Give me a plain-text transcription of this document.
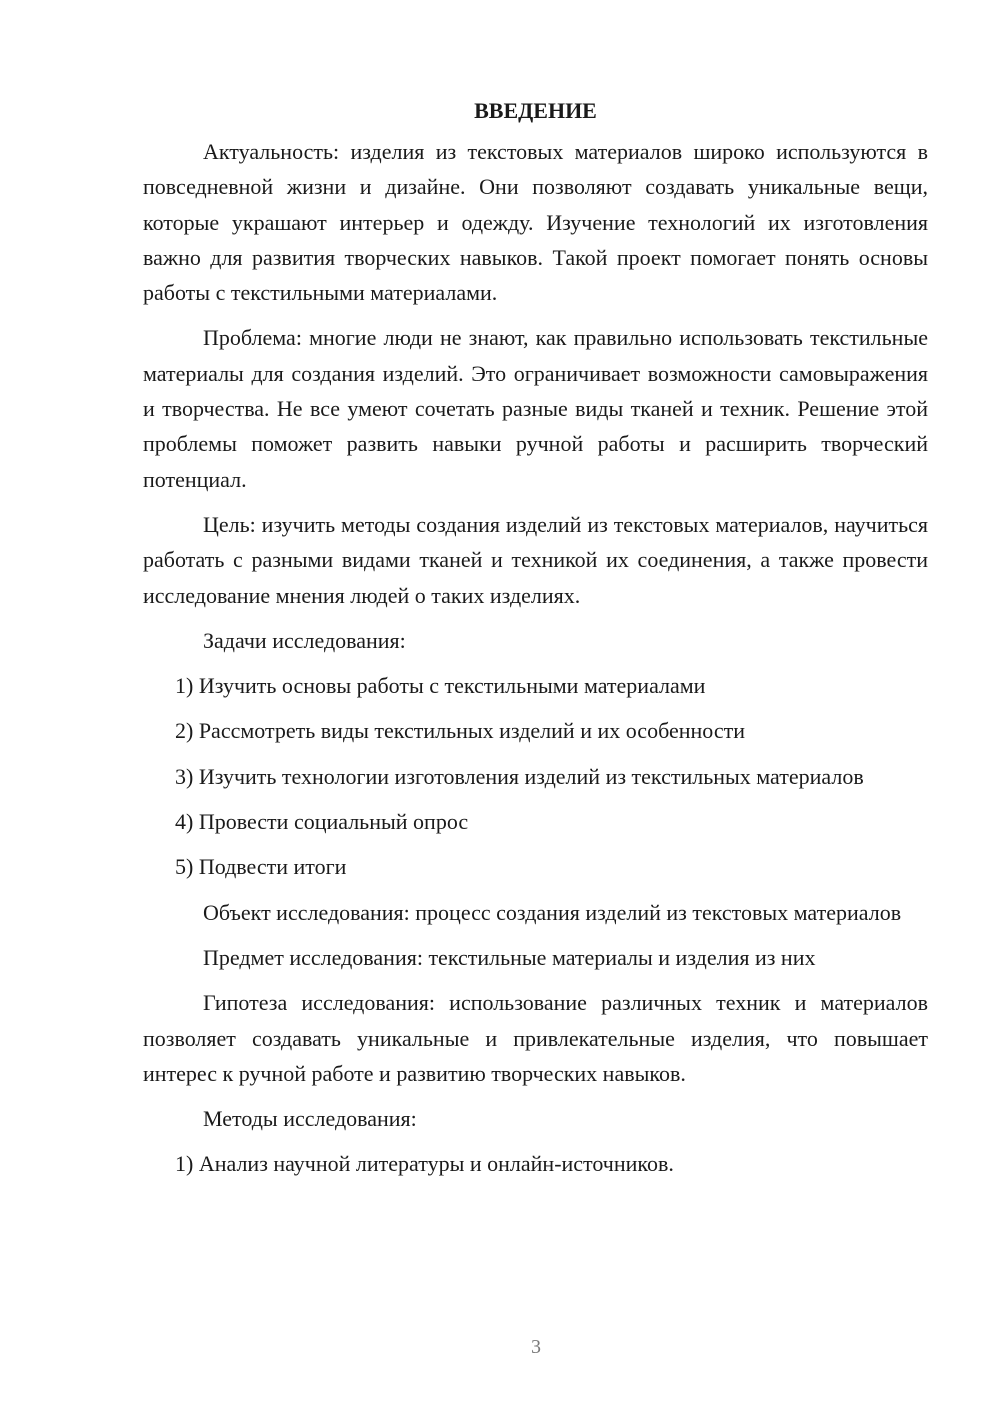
ВВЕДЕНИЕ

Актуальность: изделия из текстовых материалов широко используются в повседневной жизни и дизайне. Они позволяют создавать уникальные вещи, которые украшают интерьер и одежду. Изучение технологий их изготовления важно для развития творческих навыков. Такой проект помогает понять основы работы с текстильными материалами.

Проблема: многие люди не знают, как правильно использовать текстильные материалы для создания изделий. Это ограничивает возможности самовыражения и творчества. Не все умеют сочетать разные виды тканей и техник. Решение этой проблемы поможет развить навыки ручной работы и расширить творческий потенциал.

Цель: изучить методы создания изделий из текстовых материалов, научиться работать с разными видами тканей и техникой их соединения, а также провести исследование мнения людей о таких изделиях.

Задачи исследования:

1) Изучить основы работы с текстильными материалами

2) Рассмотреть виды текстильных изделий и их особенности

3) Изучить технологии изготовления изделий из текстильных материалов

4) Провести социальный опрос

5) Подвести итоги

Объект исследования: процесс создания изделий из текстовых материалов

Предмет исследования: текстильные материалы и изделия из них

Гипотеза исследования: использование различных техник и материалов позволяет создавать уникальные и привлекательные изделия, что повышает интерес к ручной работе и развитию творческих навыков.

Методы исследования:

1) Анализ научной литературы и онлайн-источников.

3
